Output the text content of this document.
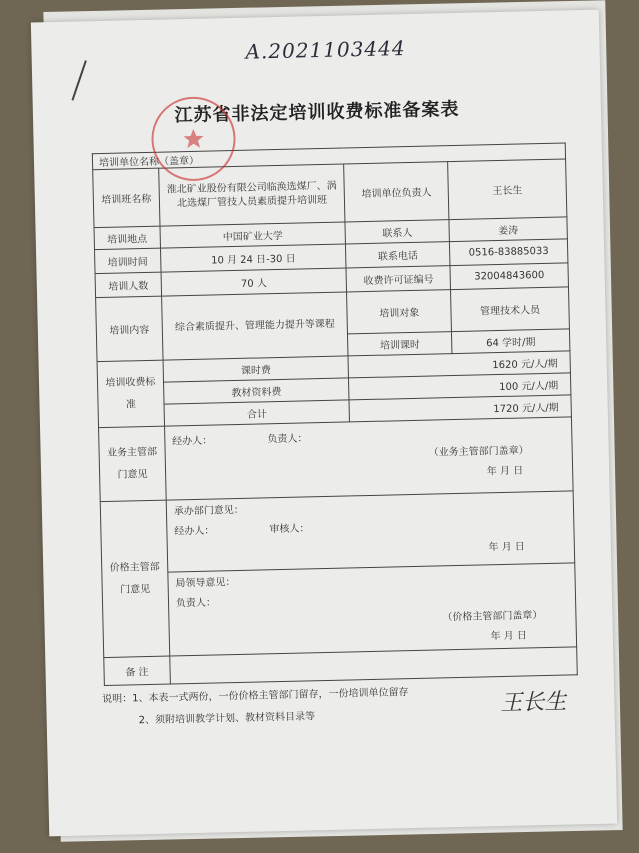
A.2021103444
江苏省非法定培训收费标准备案表
培训单位名称（盖章）			
培训班名称	淮北矿业股份有限公司临涣选煤厂、涡北选煤厂管技人员素质提升培训班	培训单位负责人	王长生
培训地点	中国矿业大学	联系人	姜涛
培训时间	10 月 24 日-30 日	联系电话	0516-83885033
培训人数	70 人	收费许可证编号	32004843600
培训内容	综合素质提升、管理能力提升等课程	培训对象	管理技术人员
		培训课时	64 学时/期
培训收费标准	课时费	1620 元/人/期	
	教材资料费	100 元/人/期	
	合计	1720 元/人/期	
业务主管部门意见	经办人： 负责人：
（业务主管部门盖章）
年 月 日		

价格主管部门意见	承办部门意见：
经办人： 审核人：
年 月 日		

	局领导意见：
负责人：
（价格主管部门盖章）
年 月 日		

备 注			
说明：1、本表一式两份，一份价格主管部门留存，一份培训单位留存
2、须附培训教学计划、教材资料目录等
王长生
